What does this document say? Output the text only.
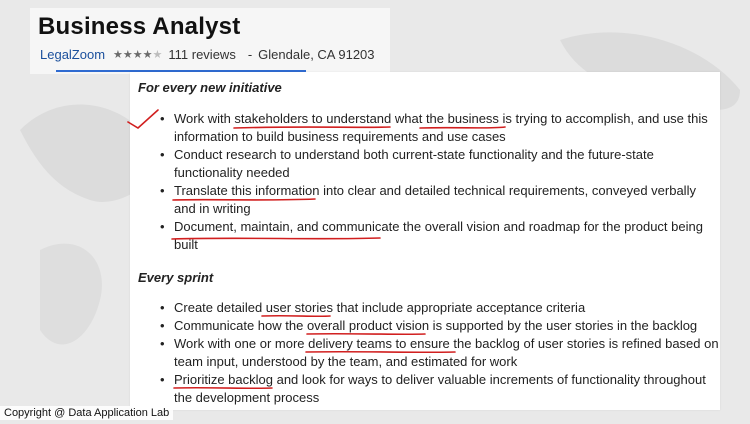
Business Analyst
LegalZoom ★★★★★ 111 reviews - Glendale, CA 91203
For every new initiative

• Work with stakeholders to understand what the business is trying to accomplish, and use this information to build business requirements and use cases

• Conduct research to understand both current-state functionality and the future-state functionality needed

• Translate this information into clear and detailed technical requirements, conveyed verbally and in writing

• Document, maintain, and communicate the overall vision and roadmap for the product being built

Every sprint

• Create detailed user stories that include appropriate acceptance criteria

• Communicate how the overall product vision is supported by the user stories in the backlog

• Work with one or more delivery teams to ensure the backlog of user stories is refined based on team input, understood by the team, and estimated for work

• Prioritize backlog and look for ways to deliver valuable increments of functionality throughout the development process

Copyright @ Data Application Lab
